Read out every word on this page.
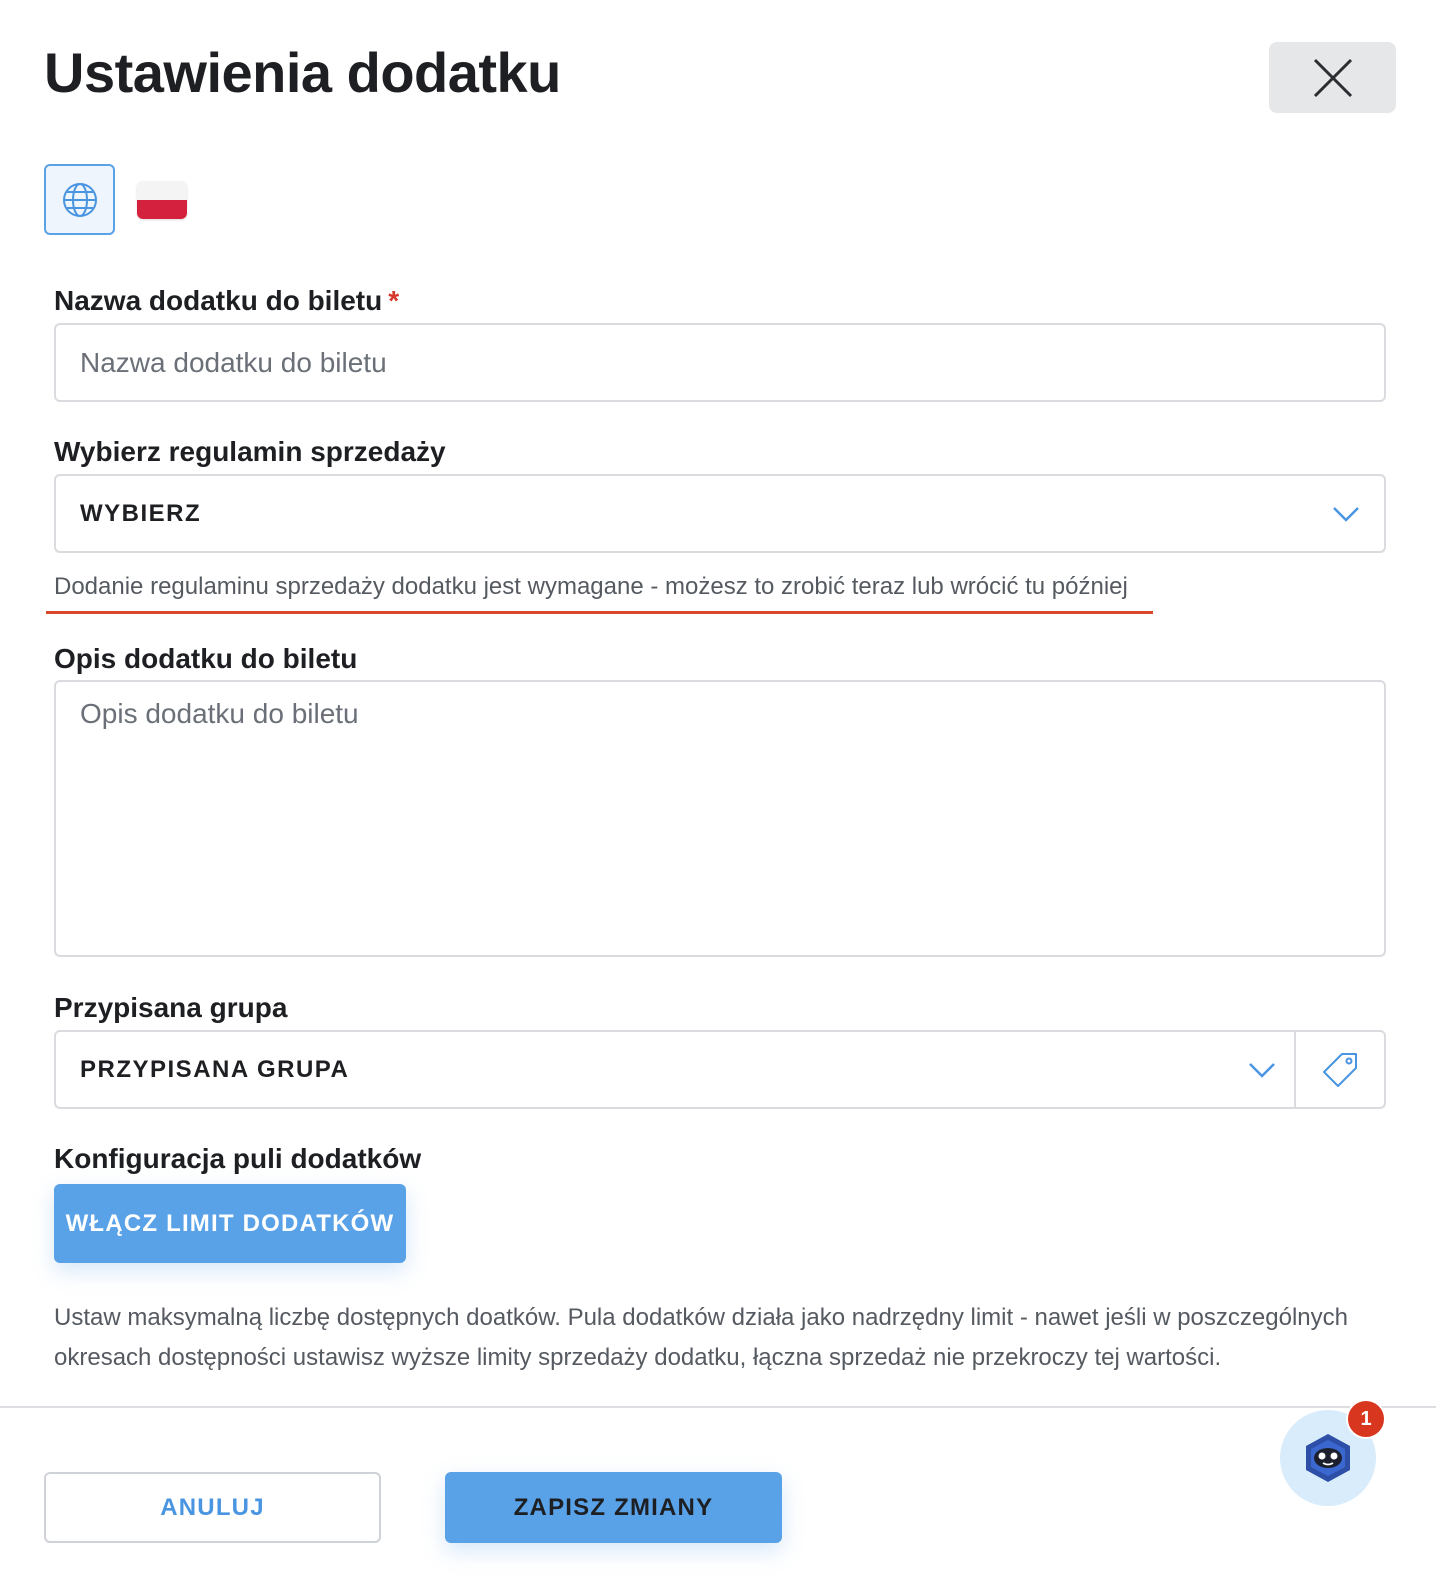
Ustawienia dodatku
Nazwa dodatku do biletu *
Nazwa dodatku do biletu
Wybierz regulamin sprzedaży
WYBIERZ
Dodanie regulaminu sprzedaży dodatku jest wymagane - możesz to zrobić teraz lub wrócić tu później
Opis dodatku do biletu
Opis dodatku do biletu
Przypisana grupa
PRZYPISANA GRUPA
Konfiguracja puli dodatków
WŁĄCZ LIMIT DODATKÓW

Ustaw maksymalną liczbę dostępnych doatków. Pula dodatków działa jako nadrzędny limit - nawet jeśli w poszczególnych okresach dostępności ustawisz wyższe limity sprzedaży dodatku, łączna sprzedaż nie przekroczy tej wartości.

ANULUJ	ZAPISZ ZMIANY
1
